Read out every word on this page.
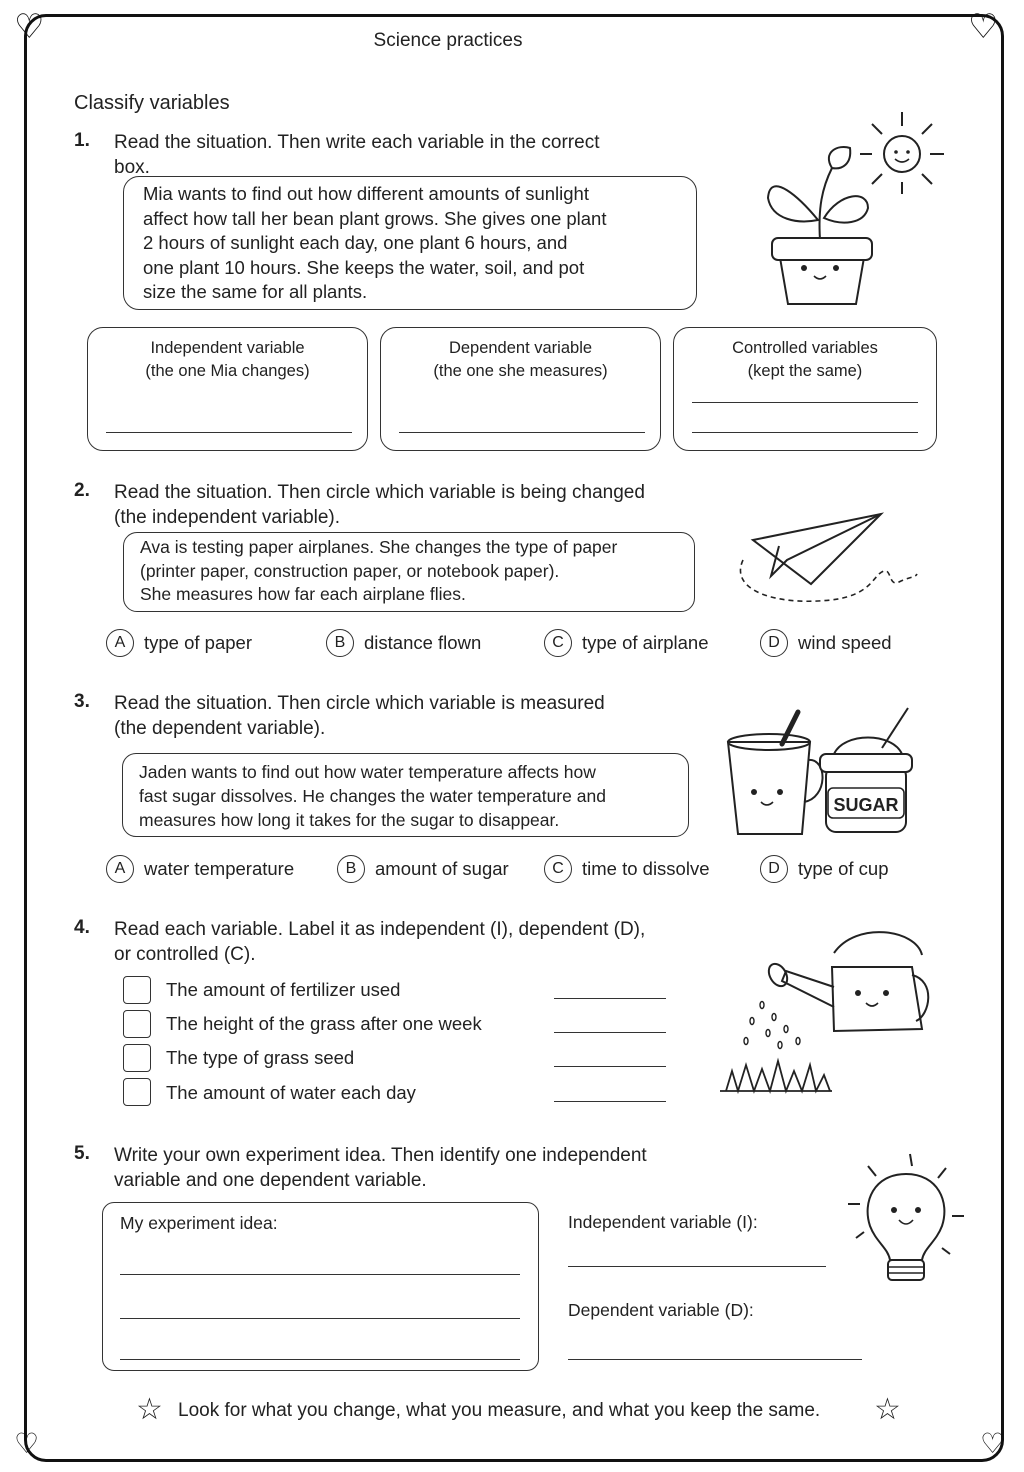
♡	♡
♡	♡
Science practices
Classify variables
1. Read the situation. Then write each variable in the correct
box.
Mia wants to find out how different amounts of sunlight
affect how tall her bean plant grows. She gives one plant
2 hours of sunlight each day, one plant 6 hours, and
one plant 10 hours. She keeps the water, soil, and pot
size the same for all plants.
Independent variable
(the one Mia changes)
Dependent variable
(the one she measures)
Controlled variables
(kept the same)
2. Read the situation. Then circle which variable is being changed
(the independent variable).
Ava is testing paper airplanes. She changes the type of paper
(printer paper, construction paper, or notebook paper).
She measures how far each airplane flies.
A	type of paper	B	distance flown	C type of airplane	D wind speed
3. Read the situation. Then circle which variable is measured
(the dependent variable).
Jaden wants to find out how water temperature affects how
fast sugar dissolves. He changes the water temperature and
measures how long it takes for the sugar to disappear.
SUGAR
A	water temperature	B	amount of sugar	C time to dissolve	D type of cup
4. Read each variable. Label it as independent (I), dependent (D),
or controlled (C).
The amount of fertilizer used
The height of the grass after one week
The type of grass seed
The amount of water each day
5. Write your own experiment idea. Then identify one independent
variable and one dependent variable.
My experiment idea:	Independent variable (I):
Dependent variable (D):
☆ Look for what you change, what you measure, and what you keep the same. ☆
